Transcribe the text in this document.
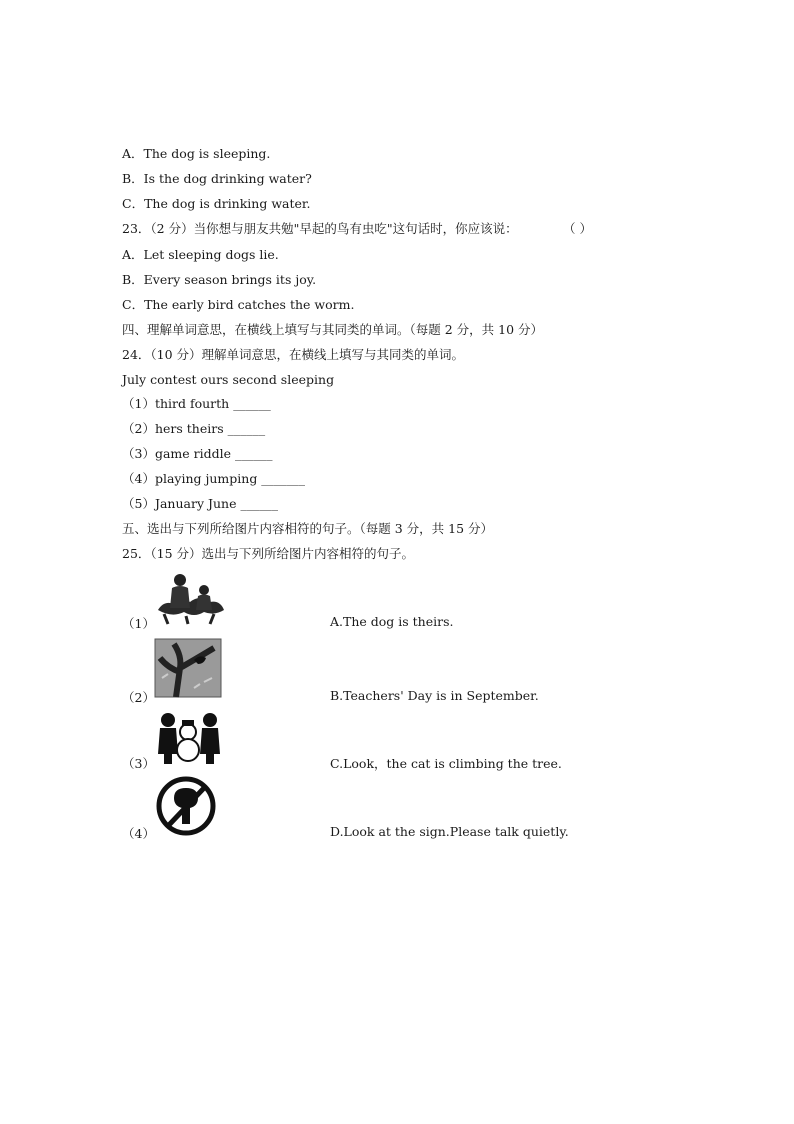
A．The dog is sleeping.
B．Is the dog drinking water?
C．The dog is drinking water.
23．（2 分）当你想与朋友共勉"早起的鸟有虫吃"这句话时，你应该说：	（ ）
A．Let sleeping dogs lie.
B．Every season brings its joy.
C．The early bird catches the worm.
四、理解单词意思，在横线上填写与其同类的单词。（每题 2 分，共 10 分）
24．（10 分）理解单词意思，在横线上填写与其同类的单词。
July contest ours second sleeping
（1）third fourth ______
（2）hers theirs ______
（3）game riddle ______
（4）playing jumping _______
（5）January June ______
五、选出与下列所给图片内容相符的句子。（每题 3 分，共 15 分）
25．（15 分）选出与下列所给图片内容相符的句子。
（1）	A.The dog is theirs.
（2）	B.Teachers' Day is in September.
（3）	C.Look，the cat is climbing the tree.
（4）	D.Look at the sign.Please talk quietly.
